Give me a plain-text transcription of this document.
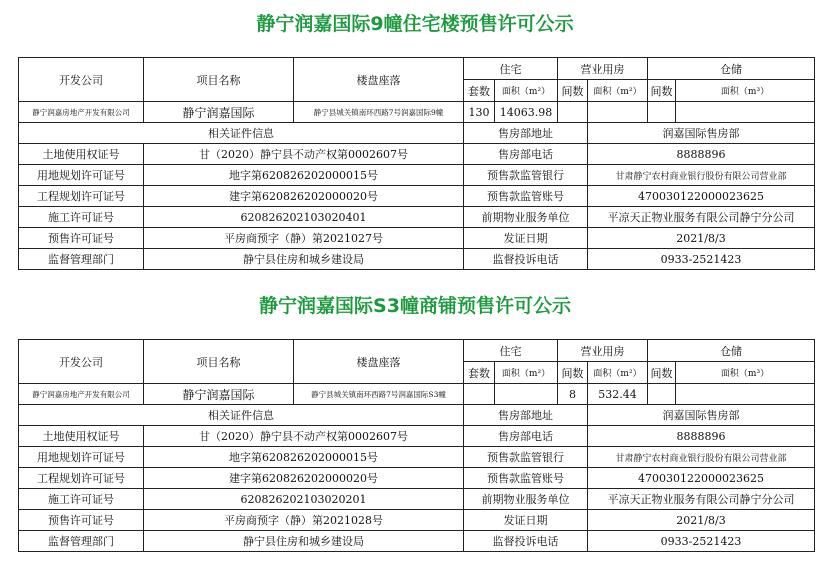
静宁润嘉国际9幢住宅楼预售许可公示
开发公司	项目名称	楼盘座落	住宅		营业用房		仓储	
			套数	面积（m²）	间数	面积（m²）	间数	面积（m³）
静宁润嘉房地产开发有限公司	静宁润嘉国际	静宁县城关镇南环西路7号润嘉国际9幢	130	14063.98				
相关证件信息			售房部地址			润嘉国际售房部		
土地使用权证号	甘（2020）静宁县不动产权第0002607号		售房部电话			8888896		
用地规划许可证号	地字第620826202000015号		预售款监管银行			甘肃静宁农村商业银行股份有限公司营业部		
工程规划许可证号	建字第620826202000020号		预售款监管账号			470030122000023625		
施工许可证号	620826202103020401		前期物业服务单位			平凉天正物业服务有限公司静宁分公司		
预售许可证号	平房商预字（静）第2021027号		发证日期			2021/8/3		
监督管理部门	静宁县住房和城乡建设局		监督投诉电话			0933-2521423		
静宁润嘉国际S3幢商铺预售许可公示
开发公司	项目名称	楼盘座落	住宅		营业用房		仓储	
			套数	面积（m²）	间数	面积（m²）	间数	面积（m³）
静宁润嘉房地产开发有限公司	静宁润嘉国际	静宁县城关镇南环西路7号润嘉国际S3幢			8	532.44		
相关证件信息			售房部地址			润嘉国际售房部		
土地使用权证号	甘（2020）静宁县不动产权第0002607号		售房部电话			8888896		
用地规划许可证号	地字第620826202000015号		预售款监管银行			甘肃静宁农村商业银行股份有限公司营业部		
工程规划许可证号	建字第620826202000020号		预售款监管账号			470030122000023625		
施工许可证号	620826202103020201		前期物业服务单位			平凉天正物业服务有限公司静宁分公司		
预售许可证号	平房商预字（静）第2021028号		发证日期			2021/8/3		
监督管理部门	静宁县住房和城乡建设局		监督投诉电话			0933-2521423		
